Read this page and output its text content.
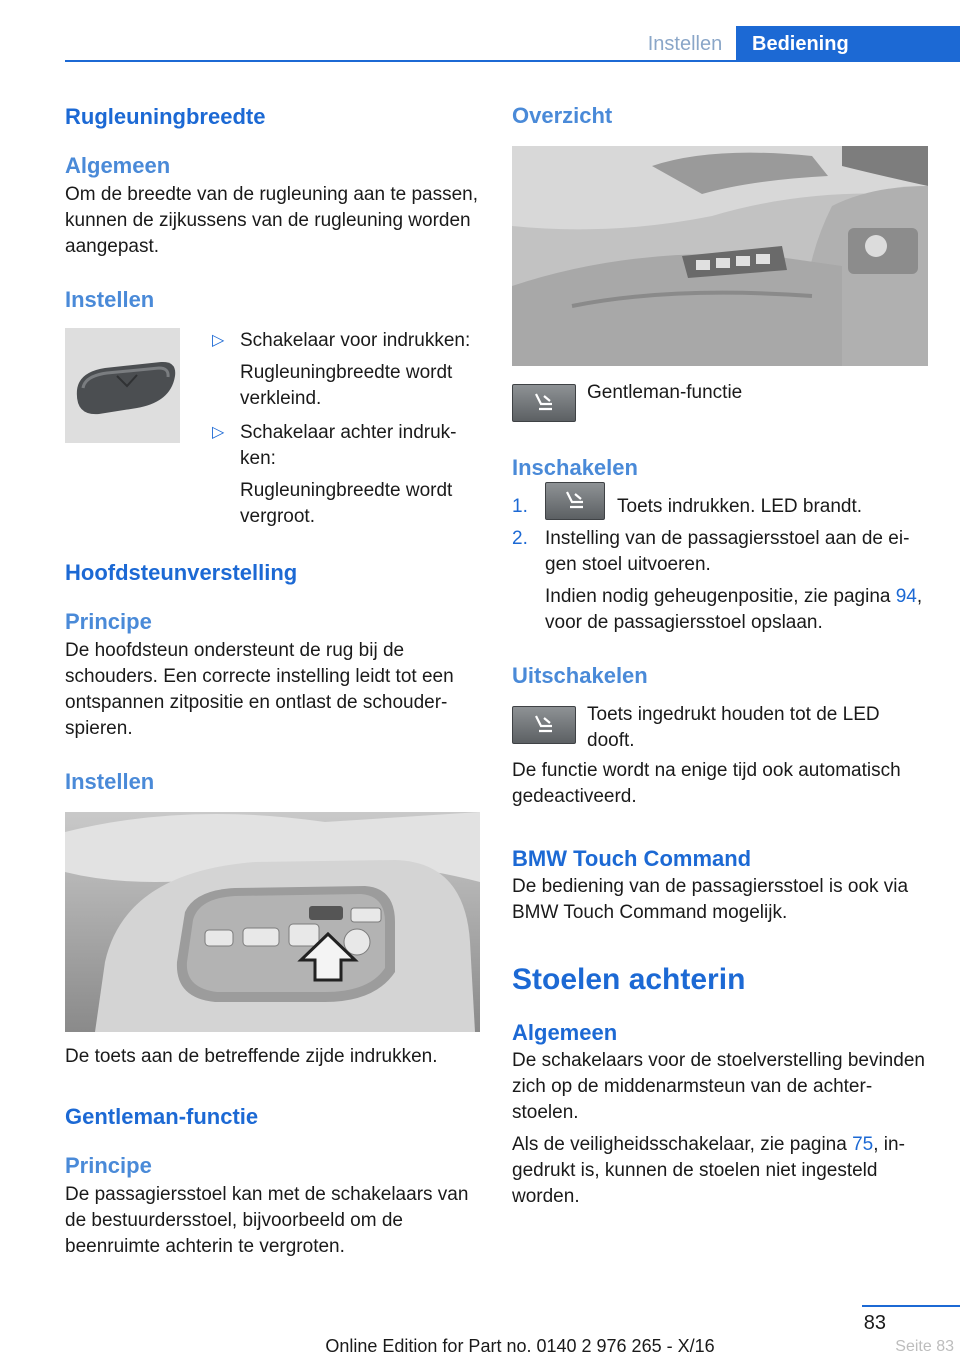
Instellen	Bediening
Rugleuningbreedte
Algemeen

Om de breedte van de rugleuning aan te passen, kunnen de zijkussens van de rugleuning worden aangepast.

Instellen
▷ Schakelaar voor indrukken:

Rugleuningbreedte wordt verkleind.

▷ Schakelaar achter indrukken:

Rugleuningbreedte wordt vergroot.

Hoofdsteunverstelling
Principe

De hoofdsteun ondersteunt de rug bij de schouders. Een correcte instelling leidt tot een ontspannen zitpositie en ontlast de schouderspieren.

Instellen

De toets aan de betreffende zijde indrukken.

Gentleman-functie
Principe

De passagiersstoel kan met de schakelaars van de bestuurdersstoel, bijvoorbeeld om de beenruimte achterin te vergroten.

Overzicht

Gentleman-functie

Inschakelen
1.	Toets indrukken. LED brandt.

2. Instelling van de passagiersstoel aan de eigen stoel uitvoeren.

Indien nodig geheugenpositie, zie pagina 94, voor de passagiersstoel opslaan.

Uitschakelen

Toets ingedrukt houden tot de LED dooft.

De functie wordt na enige tijd ook automatisch gedeactiveerd.

BMW Touch Command

De bediening van de passagiersstoel is ook via BMW Touch Command mogelijk.

Stoelen achterin
Algemeen

De schakelaars voor de stoelverstelling bevinden zich op de middenarmsteun van de achterstoelen.

Als de veiligheidsschakelaar, zie pagina 75, ingedrukt is, kunnen de stoelen niet ingesteld worden.

83
Online Edition for Part no. 0140 2 976 265 - X/16	Seite 83
